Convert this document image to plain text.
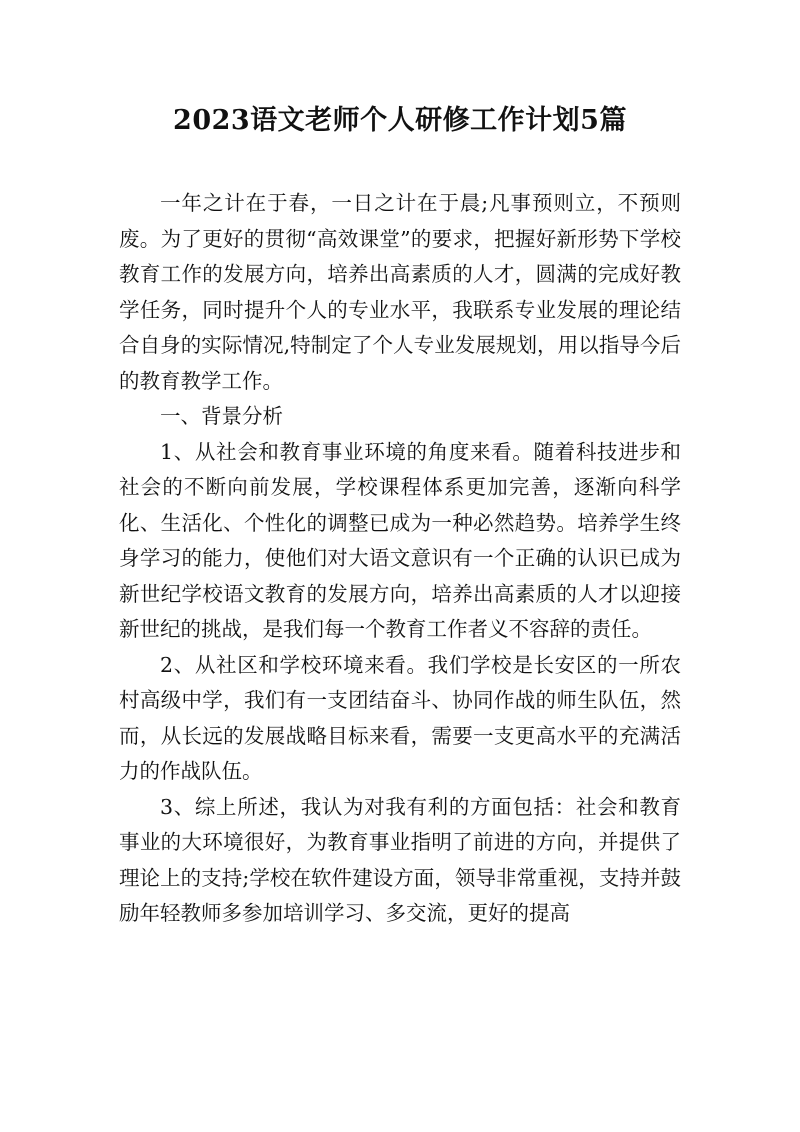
2023语文老师个人研修工作计划5篇

一年之计在于春，一日之计在于晨;凡事预则立，不预则废。为了更好的贯彻“高效课堂”的要求，把握好新形势下学校教育工作的发展方向，培养出高素质的人才，圆满的完成好教学任务，同时提升个人的专业水平，我联系专业发展的理论结合自身的实际情况,特制定了个人专业发展规划，用以指导今后的教育教学工作。

一、背景分析

1、从社会和教育事业环境的角度来看。随着科技进步和社会的不断向前发展，学校课程体系更加完善，逐渐向科学化、生活化、个性化的调整已成为一种必然趋势。培养学生终身学习的能力，使他们对大语文意识有一个正确的认识已成为新世纪学校语文教育的发展方向，培养出高素质的人才以迎接新世纪的挑战，是我们每一个教育工作者义不容辞的责任。

2、从社区和学校环境来看。我们学校是长安区的一所农村高级中学，我们有一支团结奋斗、协同作战的师生队伍，然而，从长远的发展战略目标来看，需要一支更高水平的充满活力的作战队伍。

3、综上所述，我认为对我有利的方面包括：社会和教育事业的大环境很好，为教育事业指明了前进的方向，并提供了理论上的支持;学校在软件建设方面，领导非常重视，支持并鼓励年轻教师多参加培训学习、多交流，更好的提高
